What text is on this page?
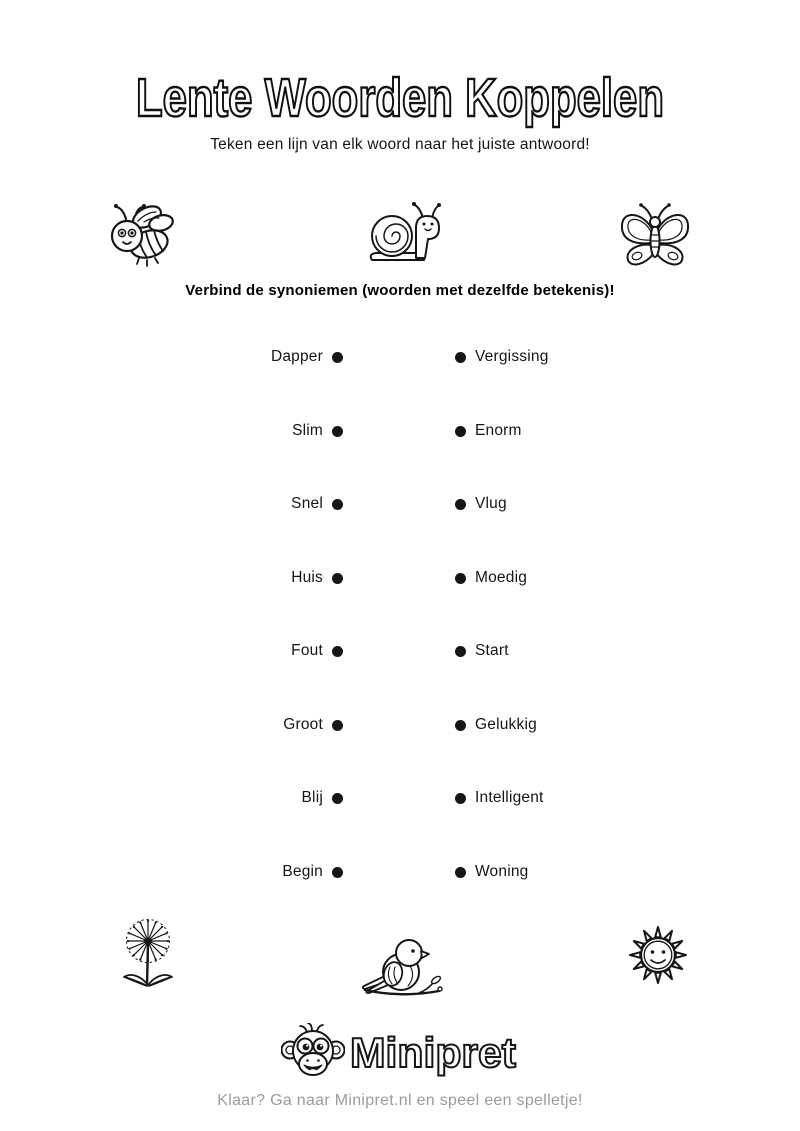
Lente Woorden Koppelen
Teken een lijn van elk woord naar het juiste antwoord!
Verbind de synoniemen (woorden met dezelfde betekenis)!
Dapper	Vergissing
Slim	Enorm
Snel	Vlug
Huis	Moedig
Fout	Start
Groot	Gelukkig
Blij	Intelligent
Begin	Woning
Minipret
Klaar? Ga naar Minipret.nl en speel een spelletje!
